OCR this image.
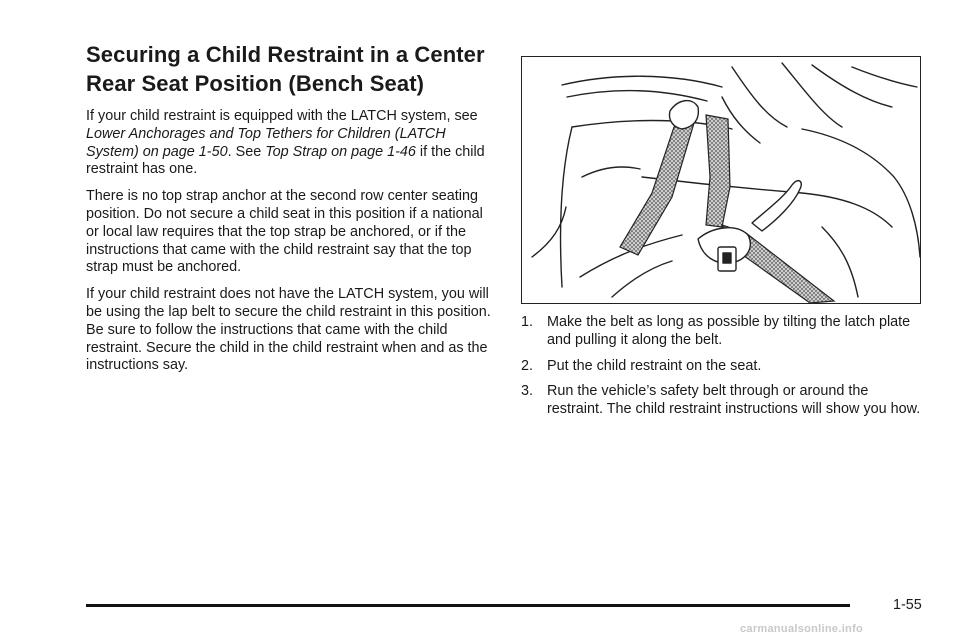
Securing a Child Restraint in a Center Rear Seat Position (Bench Seat)

If your child restraint is equipped with the LATCH system, see Lower Anchorages and Top Tethers for Children (LATCH System) on page 1-50. See Top Strap on page 1-46 if the child restraint has one.

There is no top strap anchor at the second row center seating position. Do not secure a child seat in this position if a national or local law requires that the top strap be anchored, or if the instructions that came with the child restraint say that the top strap must be anchored.

If your child restraint does not have the LATCH system, you will be using the lap belt to secure the child restraint in this position. Be sure to follow the instructions that came with the child restraint. Secure the child in the child restraint when and as the instructions say.

1. Make the belt as long as possible by tilting the latch plate and pulling it along the belt.
2. Put the child restraint on the seat.
3. Run the vehicle’s safety belt through or around the restraint. The child restraint instructions will show you how.
1-55
carmanualsonline.info
